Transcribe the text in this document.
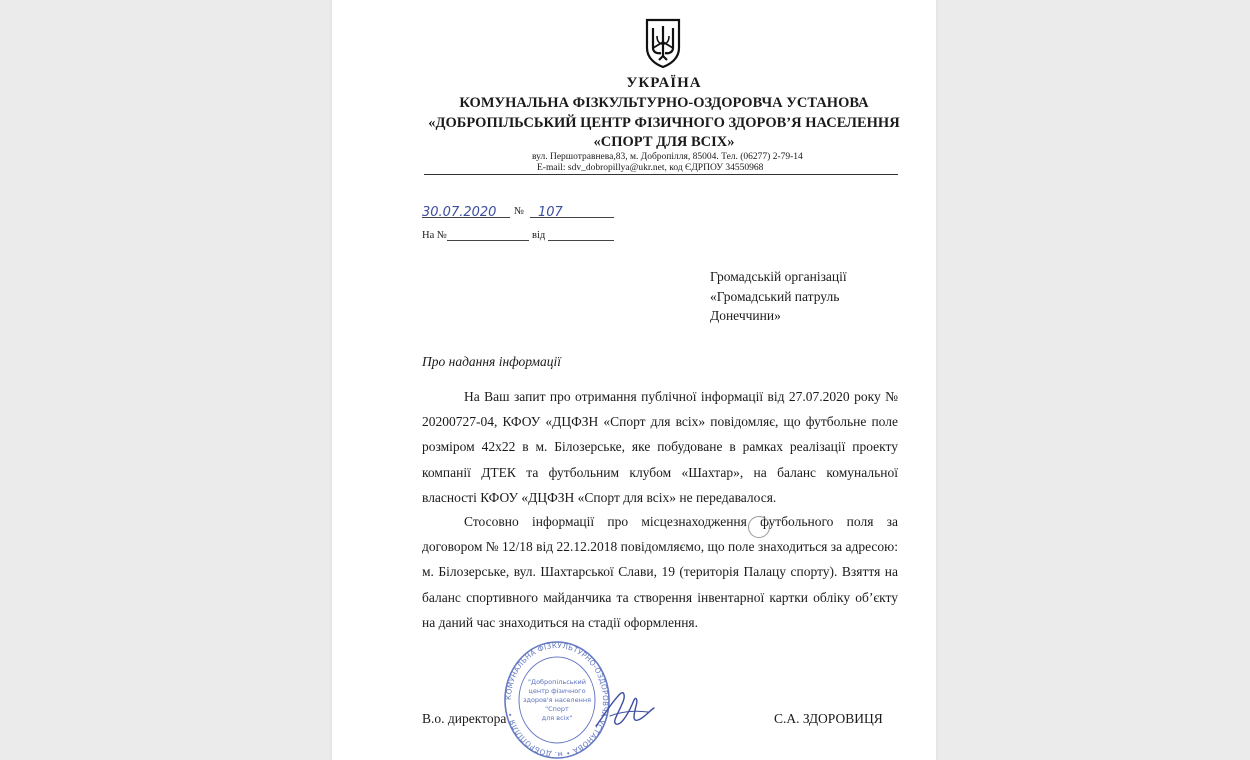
УКРАЇНА
КОМУНАЛЬНА ФІЗКУЛЬТУРНО-ОЗДОРОВЧА УСТАНОВА
«ДОБРОПІЛЬСЬКИЙ ЦЕНТР ФІЗИЧНОГО ЗДОРОВ’Я НАСЕЛЕННЯ
«СПОРТ ДЛЯ ВСІХ»
вул. Першотравнева,83, м. Добропілля, 85004. Тел. (06277) 2-79-14
E-mail: sdv_dobropillya@ukr.net, код ЄДРПОУ 34550968
30.07.2020	№	107
На №	від
Громадській організації
«Громадський патруль
Донеччини»
Про надання інформації
На Ваш запит про отримання публічної інформації від 27.07.2020 року № 20200727-04, КФОУ «ДЦФЗН «Спорт для всіх» повідомляє, що футбольне поле розміром 42х22 в м. Білозерське, яке побудоване в рамках реалізації проекту компанії ДТЕК та футбольним клубом «Шахтар», на баланс комунальної власності КФОУ «ДЦФЗН «Спорт для всіх» не передавалося.
Стосовно інформації про місцезнаходження футбольного поля за договором № 12/18 від 22.12.2018 повідомляємо, що поле знаходиться за адресою: м. Білозерське, вул. Шахтарської Слави, 19 (територія Палацу спорту). Взяття на баланс спортивного майданчика та створення інвентарної картки обліку об’єкту на даний час знаходиться на стадії оформлення.
КОМУНАЛЬНА ФІЗКУЛЬТУРНО-ОЗДОРОВЧА УСТАНОВА • м. ДОБРОПІЛЛЯ •
"Добропільський
центр фізичного
здоров'я населення
"Спорт
для всіх"
В.о. директора	С.А. ЗДОРОВИЦЯ
